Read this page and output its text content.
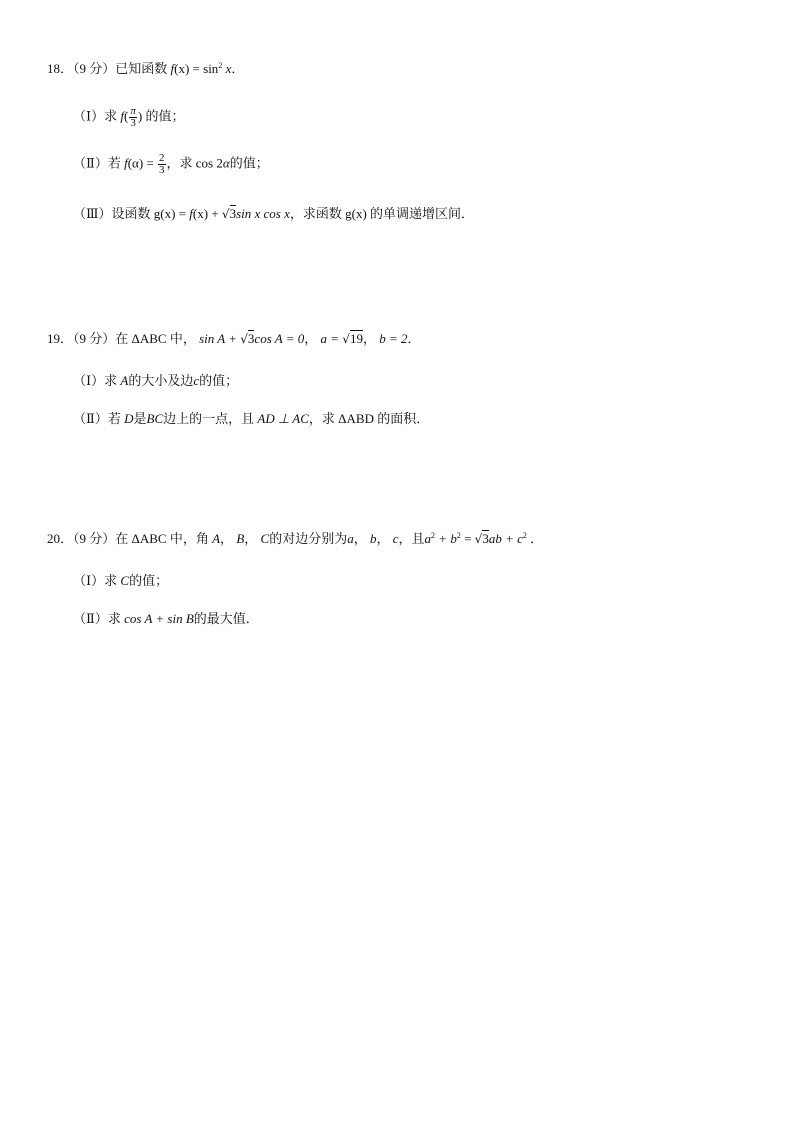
18．（9 分）已知函数 $f(x) = \sin^2 x$．
（Ⅰ）求 $f( \frac{\pi}{3}$ ) 的值；
（Ⅱ）若 $f(\alpha) = \frac{2}{3}$ ，求 cos 2α的值；
（Ⅲ）设函数 g(x) = f(x) + √3sin x cos x，求函数 g(x) 的单调递增区间．
19．（9 分）在 ΔABC 中， sin A + √3cos A = 0， a = √19， b = 2．
（Ⅰ）求 A的大小及边c的值；
（Ⅱ）若 D是BC边上的一点，且 AD ⊥ AC，求 ΔABD 的面积．
20．（9 分）在 ΔABC 中，角 A， B， C的对边分别为a， b， c，且$a^2 + b^2 = √3ab + c^2$ ．
（Ⅰ）求 C的值；
（Ⅱ）求 cos A + sin B的最大值．
